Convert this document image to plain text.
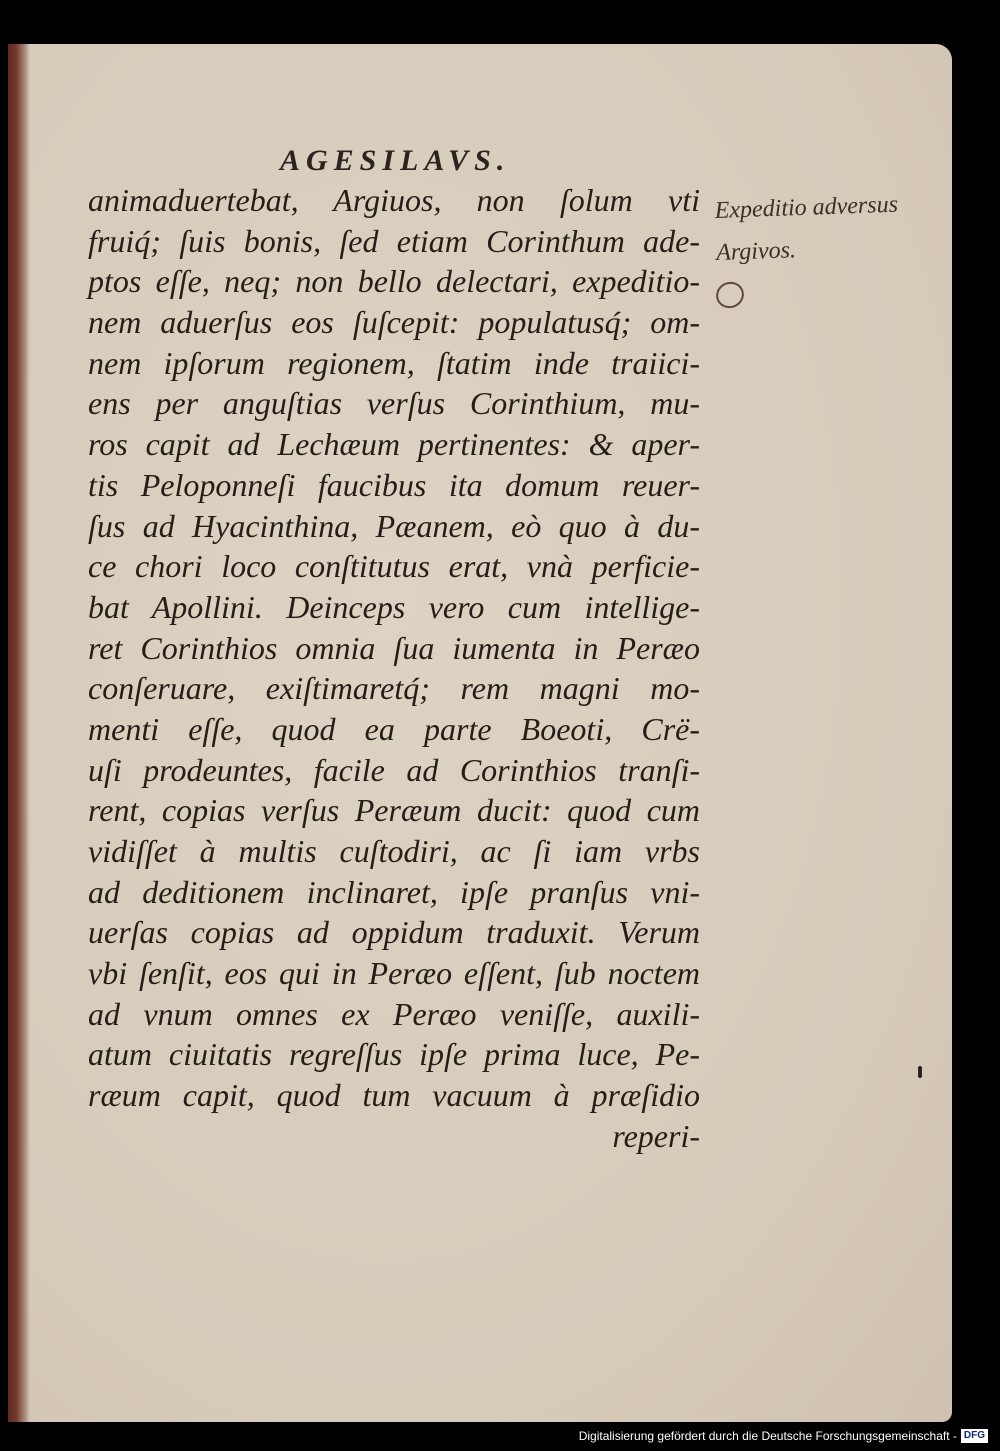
AGESILAVS.
animaduertebat, Argiuos, non ſolum vti
fruiq́; ſuis bonis, ſed etiam Corinthum ade-
ptos eſſe, neq; non bello delectari, expeditio-
nem aduerſus eos ſuſcepit: populatusq́; om-
nem ipſorum regionem, ſtatim inde traiici-
ens per anguſtias verſus Corinthium, mu-
ros capit ad Lechæum pertinentes: & aper-
tis Peloponneſi faucibus ita domum reuer-
ſus ad Hyacinthina, Pæanem, eò quo à du-
ce chori loco conſtitutus erat, vnà perficie-
bat Apollini. Deinceps vero cum intellige-
ret Corinthios omnia ſua iumenta in Peræo
conſeruare, exiſtimaretq́; rem magni mo-
menti eſſe, quod ea parte Boeoti, Crë-
uſi prodeuntes, facile ad Corinthios tranſi-
rent, copias verſus Peræum ducit: quod cum
vidiſſet à multis cuſtodiri, ac ſi iam vrbs
ad deditionem inclinaret, ipſe pranſus vni-
uerſas copias ad oppidum traduxit. Verum
vbi ſenſit, eos qui in Peræo eſſent, ſub noctem
ad vnum omnes ex Peræo veniſſe, auxili-
atum ciuitatis regreſſus ipſe prima luce, Pe-
ræum capit, quod tum vacuum à præſidio
reperi-
Expeditio adversus
Argivos.
Digitalisierung gefördert durch die Deutsche Forschungsgemeinschaft - DFG
